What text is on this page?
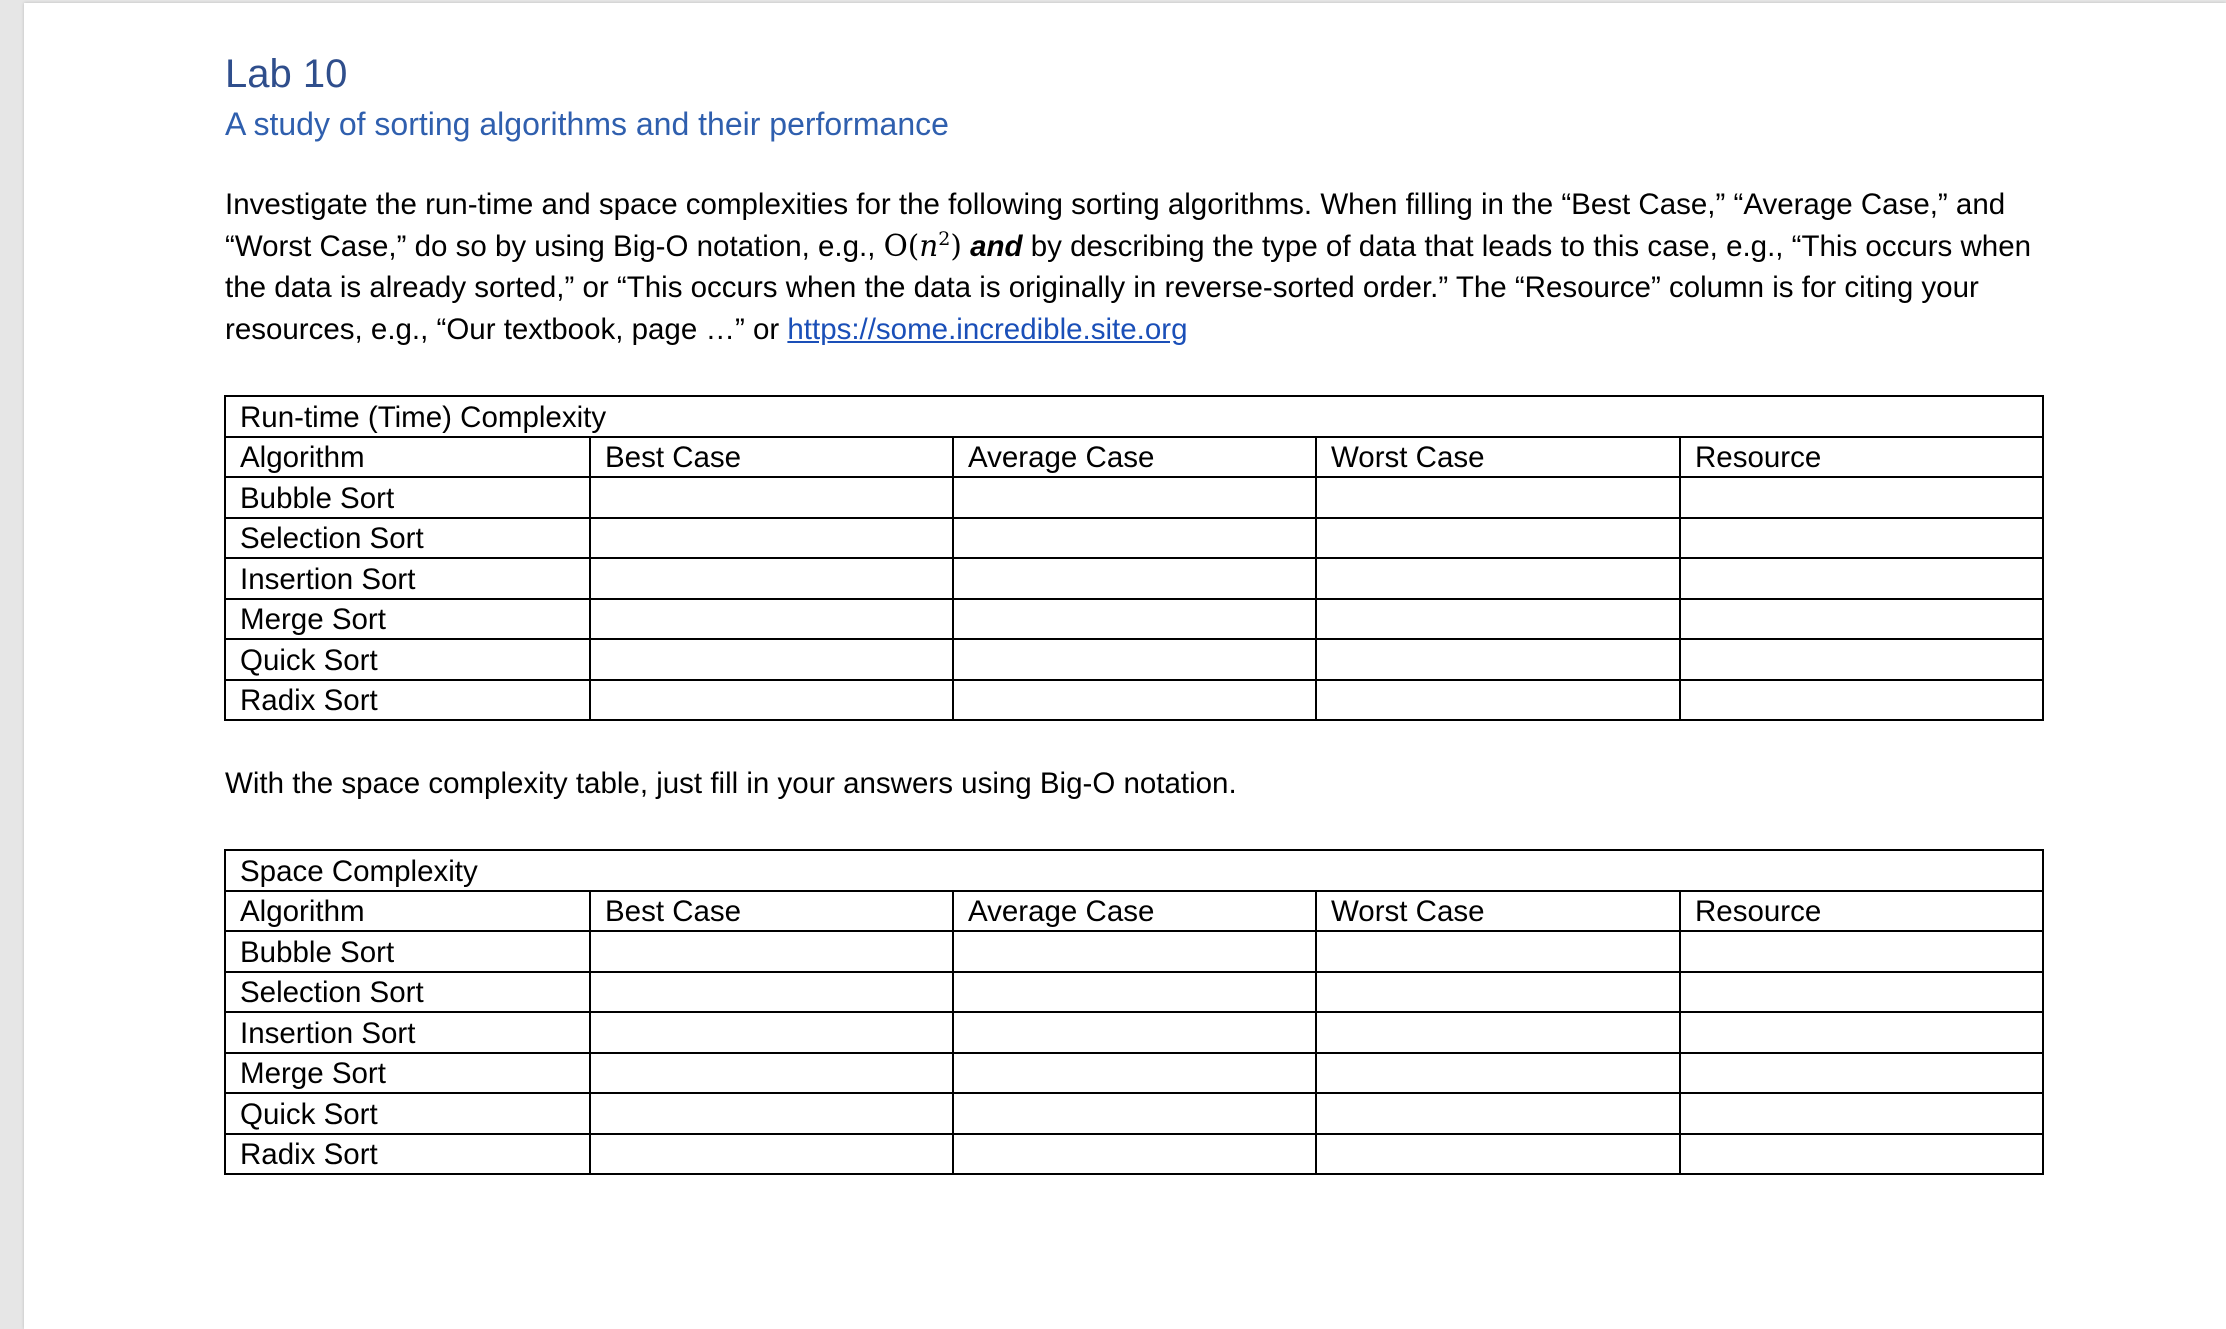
Lab 10
A study of sorting algorithms and their performance
Investigate the run-time and space complexities for the following sorting algorithms. When filling in the “Best Case,” “Average Case,” and “Worst Case,” do so by using Big-O notation, e.g., $O(n^2)$ and by describing the type of data that leads to this case, e.g., “This occurs when the data is already sorted,” or “This occurs when the data is originally in reverse-sorted order.” The “Resource” column is for citing your resources, e.g., “Our textbook, page …” or https://some.incredible.site.org
Run-time (Time) Complexity				
Algorithm	Best Case	Average Case	Worst Case	Resource
Bubble Sort				
Selection Sort				
Insertion Sort				
Merge Sort				
Quick Sort				
Radix Sort				
With the space complexity table, just fill in your answers using Big-O notation.
Space Complexity				
Algorithm	Best Case	Average Case	Worst Case	Resource
Bubble Sort				
Selection Sort				
Insertion Sort				
Merge Sort				
Quick Sort				
Radix Sort				
